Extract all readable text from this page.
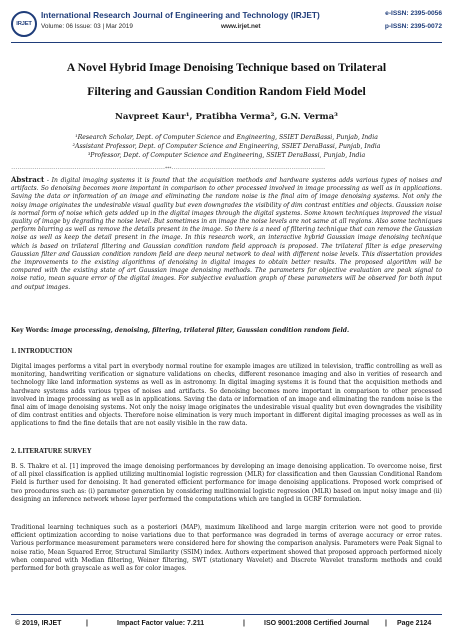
IRJET
International Research Journal of Engineering and Technology (IRJET)
Volume: 06 Issue: 03 | Mar 2019	www.irjet.net
e-ISSN: 2395-0056
p-ISSN: 2395-0072
A Novel Hybrid Image Denoising Technique based on Trilateral
Filtering and Gaussian Condition Random Field Model
Navpreet Kaur¹, Pratibha Verma², G.N. Verma³
¹Research Scholar, Dept. of Computer Science and Engineering, SSIET DeraBassi, Punjab, India
²Assistant Professor, Dept. of Computer Science and Engineering, SSIET DeraBassi, Punjab, India
³Professor, Dept. of Computer Science and Engineering, SSIET DeraBassi, Punjab, India
-------------------------------------------------------------------------***-------------------------------------------------------------------------
Abstract - In digital imaging systems it is found that the acquisition methods and hardware systems adds various types of noises and artifacts. So denoising becomes more important in comparison to other processed involved in image processing as well as in applications. Saving the data or information of an image and eliminating the random noise is the final aim of image denoising systems. Not only the noisy image originates the undesirable visual quality but even downgrades the visibility of dim contrast entities and objects. Gaussian noise is normal form of noise which gets added up in the digital images through the digital systems. Some known techniques improved the visual quality of image by degrading the noise level. But sometimes in an image the noise levels are not same at all regions. Also some techniques perform blurring as well as remove the details present in the image. So there is a need of filtering technique that can remove the Gaussian noise as well as keep the detail present in the image. In this research work, an interactive hybrid Gaussian image denoising technique which is based on trilateral filtering and Gaussian condition random field approach is proposed. The trilateral filter is edge preserving Gaussian filter and Gaussian condition random field are deep neural network to deal with different noise levels. This dissertation provides the improvements to the existing algorithms of denoising in digital images to obtain better results. The proposed algorithm will be compared with the existing state of art Gaussian image denoising methods. The parameters for objective evaluation are peak signal to noise ratio, mean square error of the digital images. For subjective evaluation graph of these parameters will be observed for both input and output images.
Key Words: image processing, denoising, filtering, trilateral filter, Gaussian condition random field.
1. INTRODUCTION
Digital images performs a vital part in everybody normal routine for example images are utilized in television, traffic controlling as well as monitoring, handwriting verification or signature validations on checks, different resonance imaging and also in verities of research and technology like land information systems as well as in astronomy. In digital imaging systems it is found that the acquisition methods and hardware systems adds various types of noises and artifacts. So denoising becomes more important in comparison to other processed involved in image processing as well as in applications. Saving the data or information of an image and eliminating the random noise is the final aim of image denoising systems. Not only the noisy image originates the undesirable visual quality but even downgrades the visibility of dim contrast entities and objects. Therefore noise elimination is very much important in different digital imaging processes as well as in applications to find the fine details that are not easily visible in the raw data.
2. LITERATURE SURVEY
B. S. Thakre et al. [1] improved the image denoising performances by developing an image denoising application. To overcome noise, first of all pixel classification is applied utilizing multinomial logistic regression (MLR) for classification and then Gaussian Conditional Random Field is further used for denoising. It had generated efficient performance for image denoising applications. Proposed work comprised of two procedures such as: (i) parameter generation by considering multinomial logistic regression (MLR) based on input noisy image and (ii) designing an inference network whose layer performed the computations which are tangled in GCRF formulation.
Traditional learning techniques such as a posteriori (MAP), maximum likelihood and large margin criterion were not good to provide efficient optimization according to noise variations due to that performance was degraded in terms of average accuracy or error rates. Various performance measurement parameters were considered here for showing the comparison analysis. Parameters were Peak Signal to noise ratio, Mean Squared Error, Structural Similarity (SSIM) index. Authors experiment showed that proposed approach performed nicely when compared with Median filtering, Weiner filtering, SWT (stationary Wavelet) and Discrete Wavelet transform methods and could performed for both grayscale as well as for color images.
© 2019, IRJET	|	Impact Factor value: 7.211	|	ISO 9001:2008 Certified Journal | Page 2124
